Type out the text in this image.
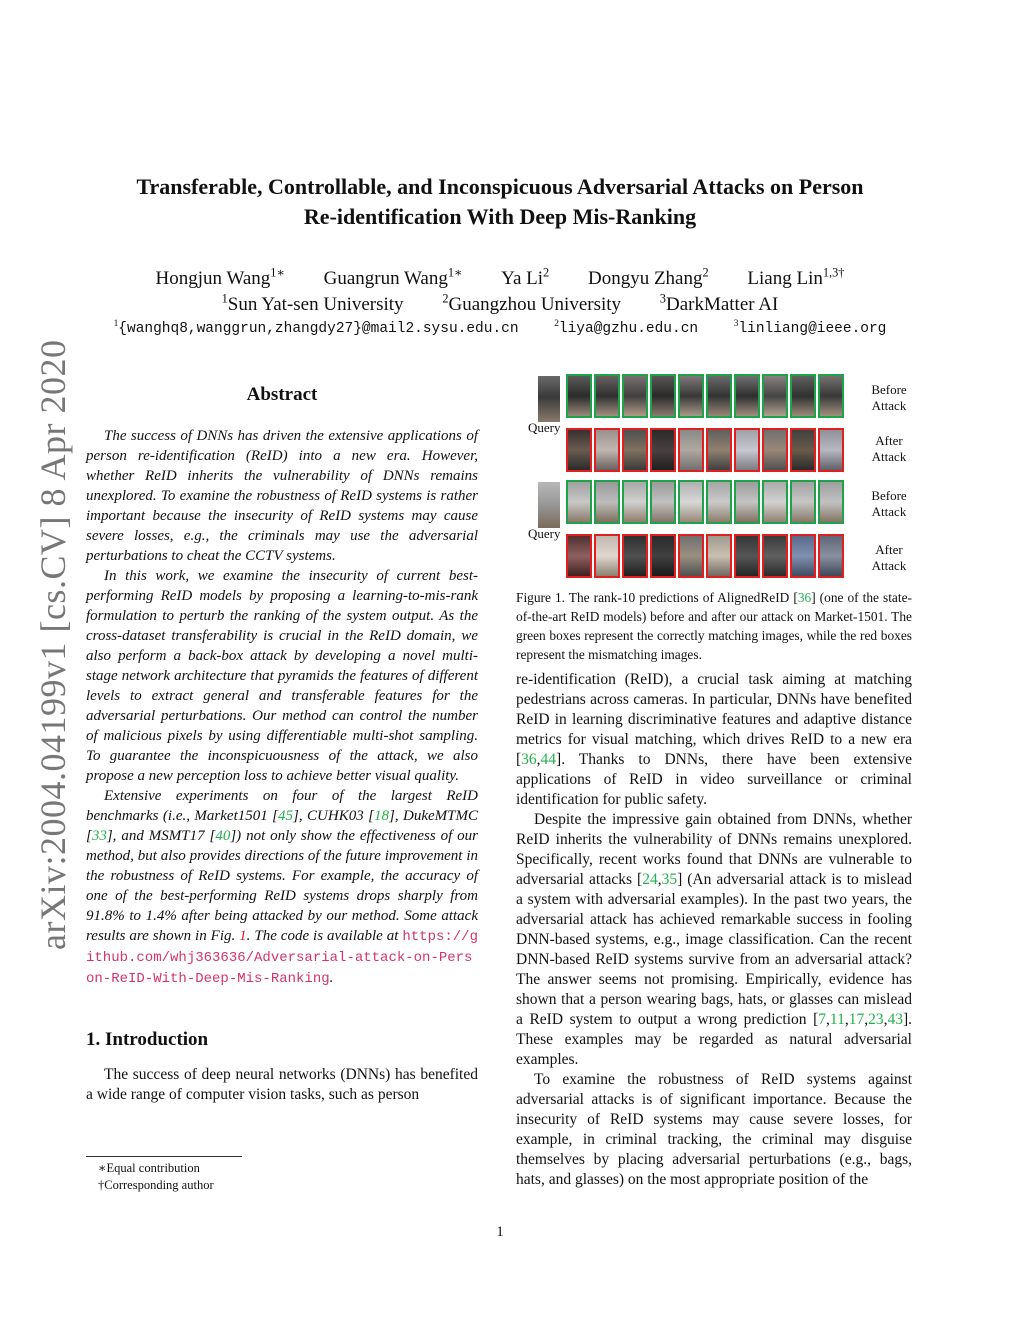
arXiv:2004.04199v1 [cs.CV] 8 Apr 2020
Transferable, Controllable, and Inconspicuous Adversarial Attacks on Person
Re-identification With Deep Mis-Ranking
Hongjun Wang$^{1∗}$ Guangrun Wang$^{1∗}$ Ya Li$^2$ Dongyu Zhang$^2$ Liang Lin$^{1,3\dagger}$
$^1$Sun Yat-sen University	$^2$Guangzhou University	$^3$DarkMatter AI
$^1${wanghq8,wanggrun,zhangdy27}@mail2.sysu.edu.cn	$^2$liya@gzhu.edu.cn	$^3$linliang@ieee.org
Abstract

The success of DNNs has driven the extensive applications of person re-identification (ReID) into a new era. However, whether ReID inherits the vulnerability of DNNs remains unexplored. To examine the robustness of ReID systems is rather important because the insecurity of ReID systems may cause severe losses, e.g., the criminals may use the adversarial perturbations to cheat the CCTV systems.

In this work, we examine the insecurity of current best-performing ReID models by proposing a learning-to-mis-rank formulation to perturb the ranking of the system output. As the cross-dataset transferability is crucial in the ReID domain, we also perform a back-box attack by developing a novel multi-stage network architecture that pyramids the features of different levels to extract general and transferable features for the adversarial perturbations. Our method can control the number of malicious pixels by using differentiable multi-shot sampling. To guarantee the inconspicuousness of the attack, we also propose a new perception loss to achieve better visual quality.

Extensive experiments on four of the largest ReID benchmarks (i.e., Market1501 [45], CUHK03 [18], DukeMTMC [33], and MSMT17 [40]) not only show the effectiveness of our method, but also provides directions of the future improvement in the robustness of ReID systems. For example, the accuracy of one of the best-performing ReID systems drops sharply from 91.8% to 1.4% after being attacked by our method. Some attack results are shown in Fig. 1. The code is available at https://github.com/whj363636/Adversarial-attack-on-Person-ReID-With-Deep-Mis-Ranking.

1. Introduction

The success of deep neural networks (DNNs) has benefited a wide range of computer vision tasks, such as person

∗Equal contribution
†Corresponding author
Query
Before
Attack
After
Attack
Query
Before
Attack
After
Attack
Figure 1. The rank-10 predictions of AlignedReID [36] (one of the state-of-the-art ReID models) before and after our attack on Market-1501. The green boxes represent the correctly matching images, while the red boxes represent the mismatching images.

re-identification (ReID), a crucial task aiming at matching pedestrians across cameras. In particular, DNNs have benefited ReID in learning discriminative features and adaptive distance metrics for visual matching, which drives ReID to a new era [36,44]. Thanks to DNNs, there have been extensive applications of ReID in video surveillance or criminal identification for public safety.

Despite the impressive gain obtained from DNNs, whether ReID inherits the vulnerability of DNNs remains unexplored. Specifically, recent works found that DNNs are vulnerable to adversarial attacks [24,35] (An adversarial attack is to mislead a system with adversarial examples). In the past two years, the adversarial attack has achieved remarkable success in fooling DNN-based systems, e.g., image classification. Can the recent DNN-based ReID systems survive from an adversarial attack? The answer seems not promising. Empirically, evidence has shown that a person wearing bags, hats, or glasses can mislead a ReID system to output a wrong prediction [7,11,17,23,43]. These examples may be regarded as natural adversarial examples.

To examine the robustness of ReID systems against adversarial attacks is of significant importance. Because the insecurity of ReID systems may cause severe losses, for example, in criminal tracking, the criminal may disguise themselves by placing adversarial perturbations (e.g., bags, hats, and glasses) on the most appropriate position of the

1
